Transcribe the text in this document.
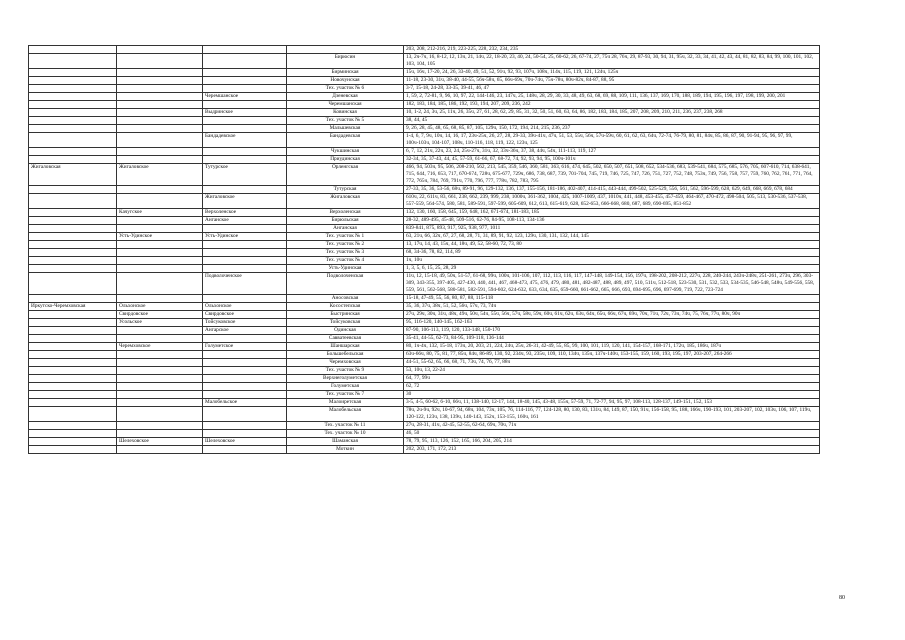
				203, 208, 212-216, 219, 223-225, 228, 232, 234, 235
			Бирюсин	13, 2ч-7ч, 16, 8-12, 12, 13ч, 21, 14ч, 22, 18-20, 23, 40, 24, 50-54, 25, 60-62, 26, 67-74, 27, 75ч 28, 76ч, 29, 87-93, 30, 94, 31, 95ч, 32, 33, 34, 41, 42, 43, 44, 81, 82, 83, 84, 99, 100, 101, 102, 103, 104, 105
			Бирминская	15ч, 16ч, 17-20, 24, 26, 33-40, 49, 51, 52, 91ч, 92, 93, 107ч, 108ч, 114ч, 115, 119, 121, 124ч, 125ч
			Новочунская	11-18, 23-30, 31ч, 38-40, 44-55, 56ч-58ч, 65, 66ч-69ч, 70ч-74ч, 75ч-78ч, 80ч-82ч, 84-87, 88, 95
			Тех. участок № 6	3-7, 15-18, 24-28, 33-35, 39-41, 46, 47
		Черемшанское	Дзеневская	1, 59, 2, 72-81, 9, 96, 10, 97, 22, 144-146, 23, 147ч, 25, 148ч, 28, 29, 30, 33, 48, 49, 63, 68, 69, 88, 109, 111, 136, 137, 169, 170, 188, 189, 194, 195, 196, 197, 198, 199, 200, 201
			Черемшанская	182, 183, 184, 185, 186, 192, 193, 194, 207, 209, 236, 242
		Выдринское	Ковинская	10, 1-2, 24, 3ч, 25, 11ч, 26, 35ч, 27, 61, 28, 62, 29, 85, 31, 32, 50, 51, 60, 63, 64, 86, 182, 183, 184, 185, 207, 208, 209, 210, 211, 236, 237, 238, 268
			Тех. участок № 5	38, 44, 45
			Мальшевская	9, 26, 28, 45, 48, 65, 68, 85, 87, 105, 129ч, 150, 172, 194, 214, 215, 236, 237
		Бандадевское	Бандадевская	1-4, 6, 7, 9ч, 10ч, 14, 16, 17, 23ч-25ч, 26, 27, 28, 29-33, 39ч-41ч, 47ч, 51, 53, 55ч, 56ч, 57ч-59ч, 60, 61, 62, 63, 64ч, 72-74, 76-79, 80, 81, 84ч, 85, 86, 87, 90, 91-94, 95, 96, 97, 99, 100ч-103ч, 104-107, 108ч, 110-116, 118, 119, 122, 123ч, 125
			Чукшинская	6, 7, 12, 21ч, 22ч, 23, 24, 25ч-27ч, 31ч, 32, 33ч-36ч, 37, 38, 44ч, 54ч, 111-113, 119, 127
			Приудинская	32-34, 35, 37-43, 44, 45, 57-59, 61-66, 67, 68-72, 74, 92, 93, 94, 95, 100ч-101ч
Жигаловская	Жигаловское	Тутурское	Орленгская	466, 94, 503ч, 95, 506, 208-210, 562, 213, 545, 359, 546, 360, 581, 363, 616, 474, 645, 502, 650, 507, 651, 508, 652, 534-536, 683, 539-541, 684, 575, 685, 576, 705, 607-610, 714, 638-641, 715, 644, 716, 653, 717, 670-674, 728ч, 675-677, 729ч, 686, 738, 687, 739, 701-704, 745, 719, 746, 725, 747, 726, 751, 727, 752, 748, 753ч, 749, 756, 758, 757, 759, 760, 762, 761, 771, 764, 772, 765ч, 784, 769, 791ч, 770, 796, 777, 778ч, 782, 783, 795
			Тутурская	27-33, 35, 36, 53-56, 68ч, 89-91, 96, 129-132, 136, 137, 155-156, 181-186, 402-407, 414-415, 443-444, 499-502, 525-529, 556, 561, 562, 596-599, 628, 629, 649, 668, 669, 678, 684
		Жигаловское	Жигаловская	610ч, 22, 611ч, 83, 661, 238, 662, 239, 999, 238, 1000ч, 361-362, 1004, 425, 1007-1009, 437, 1010ч, 441, 448, 453-455, 457-459, 464-467, 470-472, 498-504, 505, 513, 530-536, 537-538, 557-559, 564-574, 580, 581, 589-591, 597-599, 605-609, 612, 613, 615-619, 628, 652-653, 666-668, 680, 687, 689, 690-695, 851-852
	Качугское	Верхоленское	Верхоленская	132, 130, 160, 158, 645, 159, 648, 162, 671-674, 181-183, 185
		Анганское	Бирюльская	28-32, 489-495, 45-48, 509-516, 62-76, 84-95, 108-113, 134-136
			Анганская	839-841, 875, 893, 917, 925, 938, 977, 1011
	Усть-Удинское	Усть-Удинское	Тех. участок № 1	63, 21ч, 66, 32ч, 67, 27, 68, 28, 71, 31, 89, 91, 92, 123, 129ч, 130, 131, 132, 144, 145
			Тех. участок № 2	13, 17ч, 14, 43, 15ч, 44, 18ч, 49, 52, 58-60, 72, 73, 80
			Тех. участок № 3	68, 34-36, 78, 82, 114, 89
			Тех. участок № 4	1ч, 10ч
			Усть-Удинская	1, 3, 5, 6, 15, 25, 28, 29
		Подволоченское	Подволоченская	11ч, 12, 15-18, 49, 50ч, 51-57, 61-68, 99ч, 100ч, 101-106, 107, 112, 113, 116, 117, 147-148, 149-154, 156, 197ч, 198-202, 208-212, 227ч, 228, 240-244, 243ч-248ч, 251-261, 273ч, 296, 303-309, 343-355, 397-405, 427-430, 440, 441, 467, 468-473, 475, 476, 479, 480, 481, 482-487, 488, 489, 497, 510, 511ч, 512-518, 523-530, 531, 532, 533, 534-535, 546-548, 548ч, 549-556, 558, 559, 561, 562-568, 580-581, 582-591, 594-602, 624-632, 633, 634, 635, 659-660, 661-662, 665, 666, 693, 694-695, 696, 697-699, 719, 722, 723-724
			Аносовская	15-18, 47-49, 55, 56, 80, 87, 88, 115-118
Иркутско-Черемховская	Ольхонское	Ольхонское	Косостепская	35, 36, 37ч, 38ч, 51, 52, 56ч, 57ч, 73, 74ч
	Свирдовское	Свирдовское	Быстринская	27ч, 29ч, 30ч, 31ч, 48ч, 49ч, 50ч, 54ч, 55ч, 56ч, 57ч, 58ч, 59ч, 60ч, 61ч, 62ч, 63ч, 64ч, 65ч, 66ч, 67ч, 69ч, 70ч, 71ч, 72ч, 73ч, 74ч, 75, 76ч, 77ч, 80ч, 90ч
	Усольское	Тойсуковское	Тойсуковская	95, 116-120, 140-145, 162-163
		Ангарское	Одинская	87-90, 106-113, 119, 120, 133-148, 150-170
			Савватеевская	35-41, 44-55, 62-73, 84-95, 109-118, 136-144
	Черемховское	Голуметское	Шаншарская	80, 1ч-4ч, 132, 15-18, 173ч, 20, 203, 21, 224, 24ч, 25ч, 26-31, 42-49, 55, 85, 99, 100, 101, 119, 120, 141, 154-157, 168-171, 172ч, 185, 186ч, 187ч
			Большебельская	63ч-66ч, 80, 75, 81, 77, 85ч, 84ч, 86-89, 130, 92, 234ч, 93, 235ч, 109, 110, 134ч, 135ч, 137ч-140ч, 153-155, 159, 160, 193, 195, 197, 203-207, 264-266
			Черемховская	44-51, 55-62, 65, 66, 68, 71, 73ч, 74, 76, 77, 88ч
			Тех. участок № 9	53, 10ч, 13, 22-24
			Верхнеголуметская	64, 77, 99ч
			Голуметская	62, 72
			Тех. участок № 7	30
		Малобельское	Малоиретская	3-5, 4-5, 60-62, 6-10, 66ч, 11, 138-140, 12-17, 144, 18-40, 145, 43-48, 155ч, 57-59, 71, 72-77, 94, 95, 97, 108-113, 128-137, 149-151, 152, 153
			Малобельская	78ч, 2ч-9ч, 92ч, 10-67, 94, 68ч, 104, 73ч, 105, 76, 114-116, 77, 124-128, 80, 130, 83, 131ч, 84, 149, 87, 150, 91ч, 156-158, 95, 188, 166ч, 190-193, 101, 203-207, 102, 103ч, 106, 107, 119ч, 120-122, 123ч, 138, 139ч, 140-143, 152ч, 153-155, 160ч, 161
			Тех. участок № 11	27ч, 28-31, 41ч, 42-45, 52-55, 62-64, 69ч, 70ч, 71ч
			Тех. участок № 10	46, 50
	Шелеховское	Шелеховское	Шаманская	78, 79, 95, 113, 126, 152, 165, 166, 204, 205, 214
			Моткин	202, 203, 171, 172, 213
80
